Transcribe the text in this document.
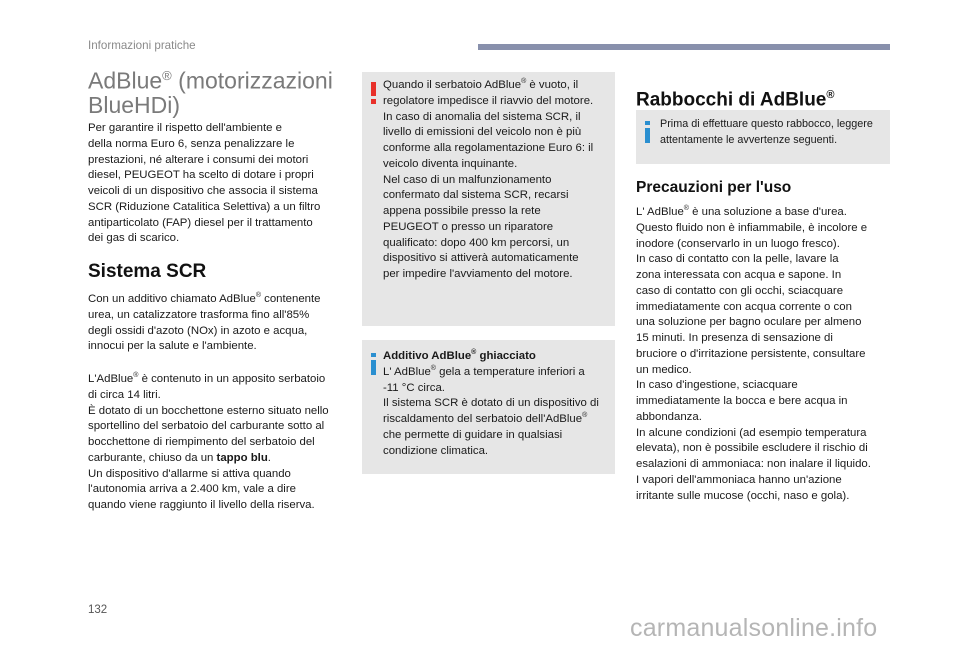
Informazioni pratiche
AdBlue® (motorizzazioni
BlueHDi)
Per garantire il rispetto dell'ambiente e
della norma Euro 6, senza penalizzare le
prestazioni, né alterare i consumi dei motori
diesel, PEUGEOT ha scelto di dotare i propri
veicoli di un dispositivo che associa il sistema
SCR (Riduzione Catalitica Selettiva) a un filtro
antiparticolato (FAP) diesel per il trattamento
dei gas di scarico.
Sistema SCR
Con un additivo chiamato AdBlue® contenente
urea, un catalizzatore trasforma fino all'85%
degli ossidi d'azoto (NOx) in azoto e acqua,
innocui per la salute e l'ambiente.
L'AdBlue® è contenuto in un apposito serbatoio
di circa 14 litri.
È dotato di un bocchettone esterno situato nello
sportellino del serbatoio del carburante sotto al
bocchettone di riempimento del serbatoio del
carburante, chiuso da un tappo blu.
Un dispositivo d'allarme si attiva quando
l'autonomia arriva a 2.400 km, vale a dire
quando viene raggiunto il livello della riserva.
Quando il serbatoio AdBlue® è vuoto, il
regolatore impedisce il riavvio del motore.
In caso di anomalia del sistema SCR, il
livello di emissioni del veicolo non è più
conforme alla regolamentazione Euro 6: il
veicolo diventa inquinante.
Nel caso di un malfunzionamento
confermato dal sistema SCR, recarsi
appena possibile presso la rete
PEUGEOT o presso un riparatore
qualificato: dopo 400 km percorsi, un
dispositivo si attiverà automaticamente
per impedire l'avviamento del motore.
Additivo AdBlue® ghiacciato
L' AdBlue® gela a temperature inferiori a
-11 °C circa.
Il sistema SCR è dotato di un dispositivo di
riscaldamento del serbatoio dell'AdBlue®
che permette di guidare in qualsiasi
condizione climatica.
Rabbocchi di AdBlue®
Prima di effettuare questo rabbocco, leggere
attentamente le avvertenze seguenti.
Precauzioni per l'uso
L' AdBlue® è una soluzione a base d'urea.
Questo fluido non è infiammabile, è incolore e
inodore (conservarlo in un luogo fresco).
In caso di contatto con la pelle, lavare la
zona interessata con acqua e sapone. In
caso di contatto con gli occhi, sciacquare
immediatamente con acqua corrente o con
una soluzione per bagno oculare per almeno
15 minuti. In presenza di sensazione di
bruciore o d'irritazione persistente, consultare
un medico.
In caso d'ingestione, sciacquare
immediatamente la bocca e bere acqua in
abbondanza.
In alcune condizioni (ad esempio temperatura
elevata), non è possibile escludere il rischio di
esalazioni di ammoniaca: non inalare il liquido.
I vapori dell'ammoniaca hanno un'azione
irritante sulle mucose (occhi, naso e gola).
132
carmanualsonline.info
